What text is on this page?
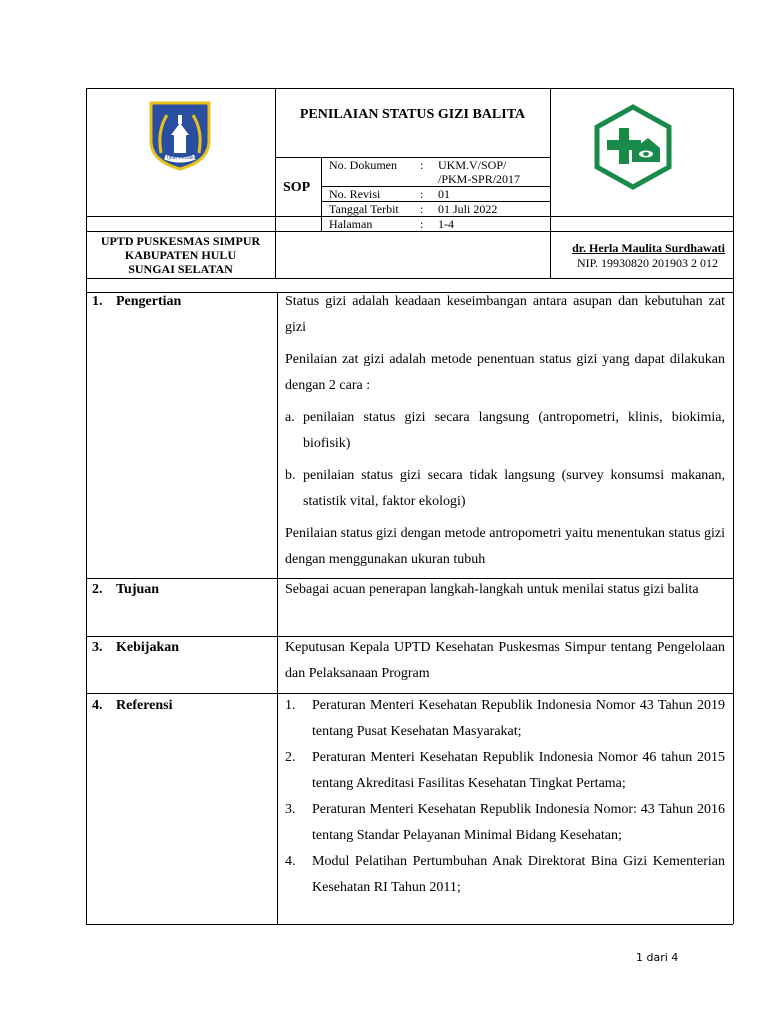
Ijkai Mufakat
PENILAIAN STATUS GIZI BALITA
SOP
No. Dokumen : UKM.V/SOP/
/PKM-SPR/2017
No. Revisi	: 01
Tanggal Terbit : 01 Juli 2022
Halaman	: 1-4
UPTD PUSKESMAS SIMPUR
KABUPATEN HULU
SUNGAI SELATAN
dr. Herla Maulita Surdhawati
NIP. 19930820 201903 2 012
1. Pengertian	Status gizi adalah keadaan keseimbangan antara asupan dan kebutuhan zat gizi

Penilaian zat gizi adalah metode penentuan status gizi yang dapat dilakukan dengan 2 cara :

a. penilaian status gizi secara langsung (antropometri, klinis, biokimia, biofisik)
b. penilaian status gizi secara tidak langsung (survey konsumsi makanan, statistik vital, faktor ekologi)

Penilaian status gizi dengan metode antropometri yaitu menentukan status gizi dengan menggunakan ukuran tubuh

2. Tujuan	Sebagai acuan penerapan langkah-langkah untuk menilai status gizi balita
3. Kebijakan	Keputusan Kepala UPTD Kesehatan Puskesmas Simpur tentang Pengelolaan dan Pelaksanaan Program
4. Referensi	1.	Peraturan Menteri Kesehatan Republik Indonesia Nomor 43 Tahun 2019 tentang Pusat Kesehatan Masyarakat;
2.	Peraturan Menteri Kesehatan Republik Indonesia Nomor 46 tahun 2015 tentang Akreditasi Fasilitas Kesehatan Tingkat Pertama;
3.	Peraturan Menteri Kesehatan Republik Indonesia Nomor: 43 Tahun 2016 tentang Standar Pelayanan Minimal Bidang Kesehatan;
4.	Modul Pelatihan Pertumbuhan Anak Direktorat Bina Gizi Kementerian Kesehatan RI Tahun 2011;
1 dari 4
